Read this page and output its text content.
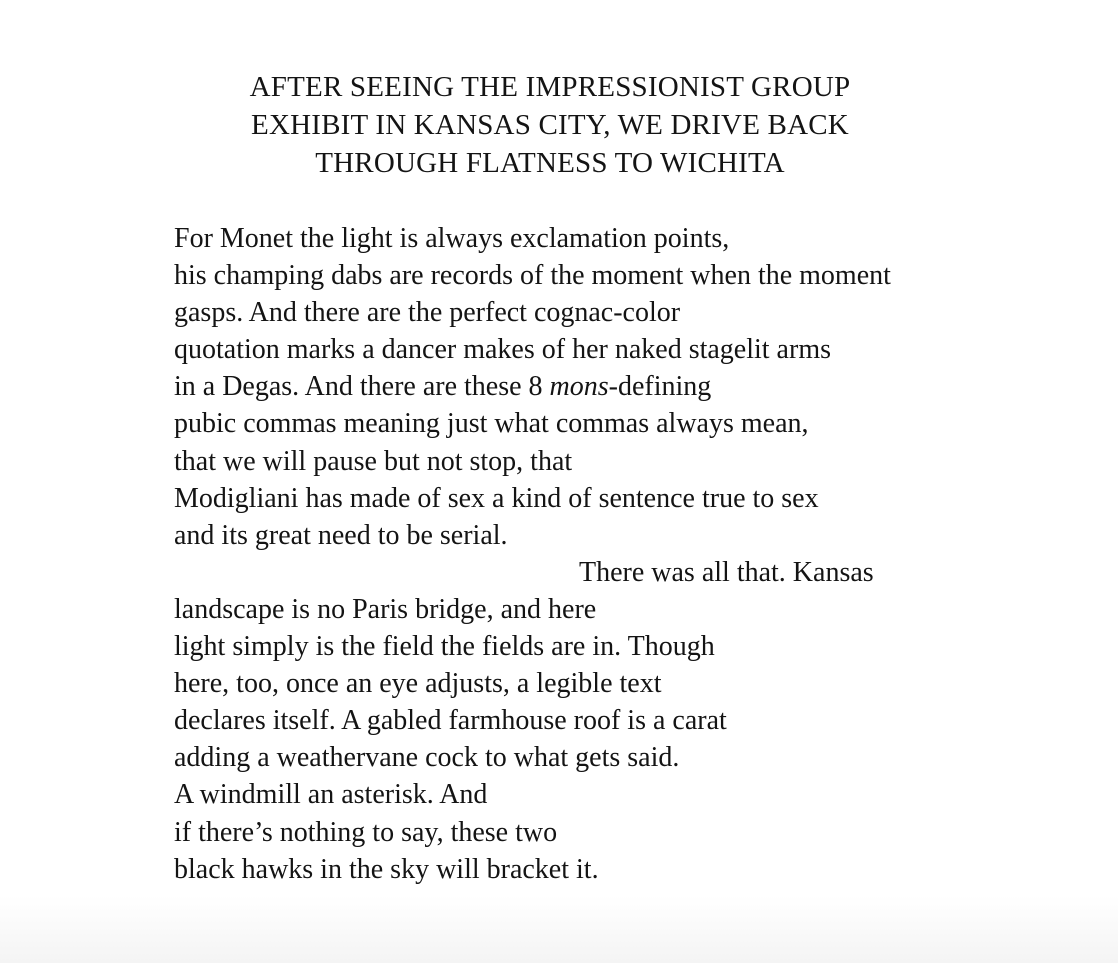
AFTER SEEING THE IMPRESSIONIST GROUP
EXHIBIT IN KANSAS CITY, WE DRIVE BACK
THROUGH FLATNESS TO WICHITA
For Monet the light is always exclamation points,
his champing dabs are records of the moment when the moment
gasps. And there are the perfect cognac-color
quotation marks a dancer makes of her naked stagelit arms
in a Degas. And there are these 8 mons-defining
pubic commas meaning just what commas always mean,
that we will pause but not stop, that
Modigliani has made of sex a kind of sentence true to sex
and its great need to be serial.
There was all that. Kansas
landscape is no Paris bridge, and here
light simply is the field the fields are in. Though
here, too, once an eye adjusts, a legible text
declares itself. A gabled farmhouse roof is a carat
adding a weathervane cock to what gets said.
A windmill an asterisk. And
if there’s nothing to say, these two
black hawks in the sky will bracket it.
